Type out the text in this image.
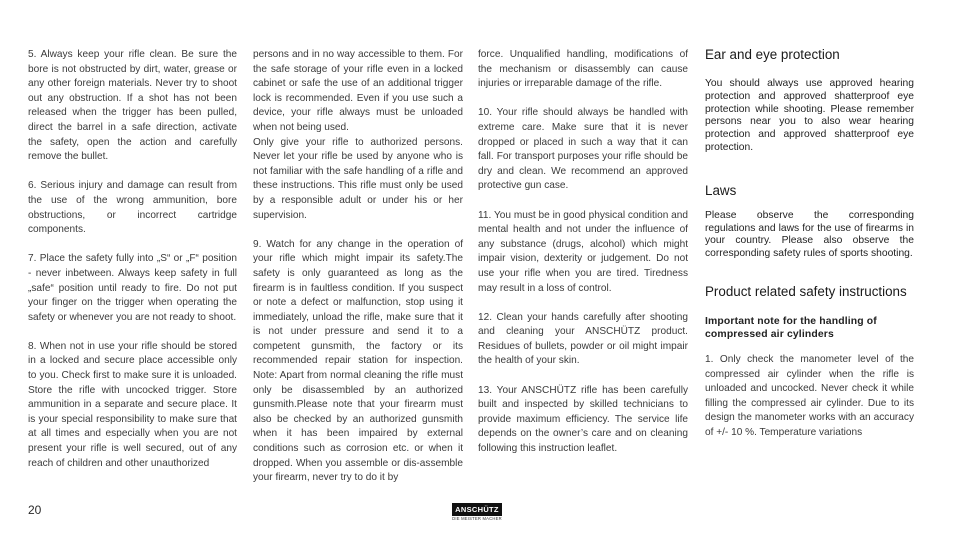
5. Always keep your rifle clean. Be sure the bore is not obstructed by dirt, water, grease or any other foreign materials. Never try to shoot out any obstruction. If a shot has not been released when the trigger has been pulled, direct the barrel in a safe direction, activate the safety, open the action and carefully remove the bullet.

6. Serious injury and damage can result from the use of the wrong ammunition, bore obstructions, or incorrect cartridge components.

7. Place the safety fully into „S“ or „F“ position - never inbetween. Always keep safety in full „safe“ position until ready to fire. Do not put your finger on the trigger when operating the safety or whenever you are not ready to shoot.

8. When not in use your rifle should be stored in a locked and secure place accessible only to you. Check first to make sure it is unloaded. Store the rifle with uncocked trigger. Store ammunition in a separate and secure place. It is your special responsibility to make sure that at all times and especially when you are not present your rifle is well secured, out of any reach of children and other unauthorized

persons and in no way accessible to them. For the safe storage of your rifle even in a locked cabinet or safe the use of an additional trigger lock is recommended. Even if you use such a device, your rifle always must be unloaded when not being used.

Only give your rifle to authorized persons. Never let your rifle be used by anyone who is not familiar with the safe handling of a rifle and these instructions. This rifle must only be used by a responsible adult or under his or her supervision.

9. Watch for any change in the operation of your rifle which might impair its safety.The safety is only guaranteed as long as the firearm is in faultless condition. If you suspect or note a defect or malfunction, stop using it immediately, unload the rifle, make sure that it is not under pressure and send it to a competent gunsmith, the factory or its recommended repair station for inspection. Note: Apart from normal cleaning the rifle must only be disassembled by an authorized gunsmith.Please note that your firearm must also be checked by an authorized gunsmith when it has been impaired by external conditions such as corrosion etc. or when it dropped. When you assemble or dis-assemble your firearm, never try to do it by

force. Unqualified handling, modifications of the mechanism or disassembly can cause injuries or irreparable damage of the rifle.

10. Your rifle should always be handled with extreme care. Make sure that it is never dropped or placed in such a way that it can fall. For transport purposes your rifle should be dry and clean. We recommend an approved protective gun case.

11. You must be in good physical condition and mental health and not under the influence of any substance (drugs, alcohol) which might impair vision, dexterity or judgement. Do not use your rifle when you are tired. Tiredness may result in a loss of control.

12. Clean your hands carefully after shooting and cleaning your ANSCHÜTZ product. Residues of bullets, powder or oil might impair the health of your skin.

13. Your ANSCHÜTZ rifle has been carefully built and inspected by skilled technicians to provide maximum efficiency. The service life depends on the owner’s care and on cleaning following this instruction leaflet.

Ear and eye protection

You should always use approved hearing protection and approved shatterproof eye protection while shooting. Please remember persons near you to also wear hearing protection and approved shatterproof eye protection.

Laws

Please observe the corresponding regulations and laws for the use of firearms in your country. Please also observe the corresponding safety rules of sports shooting.

Product related safety instructions
Important note for the handling of compressed air cylinders

1. Only check the manometer level of the compressed air cylinder when the rifle is unloaded and uncocked. Never check it while filling the compressed air cylinder. Due to its design the manometer works with an accuracy of +/- 10 %. Temperature variations

20	ANSCHÜTZ
DIE MEISTER MACHER
